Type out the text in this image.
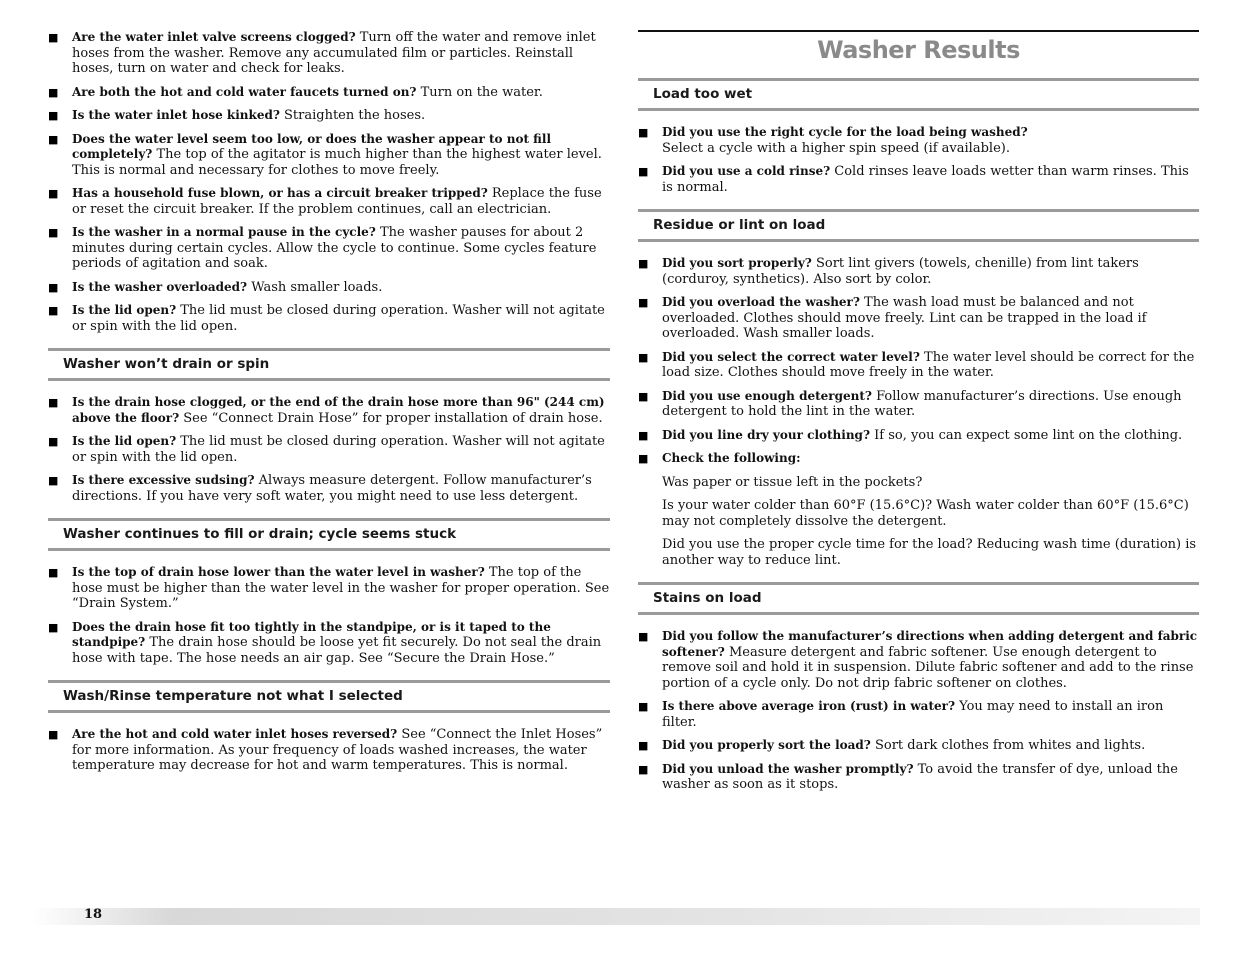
■	Are the water inlet valve screens clogged? Turn off the water and remove inlet hoses from the washer. Remove any accumulated film or particles. Reinstall hoses, turn on water and check for leaks.
■	Are both the hot and cold water faucets turned on? Turn on the water.
■	Is the water inlet hose kinked? Straighten the hoses.
■	Does the water level seem too low, or does the washer appear to not fill completely? The top of the agitator is much higher than the highest water level. This is normal and necessary for clothes to move freely.
■	Has a household fuse blown, or has a circuit breaker tripped? Replace the fuse or reset the circuit breaker. If the problem continues, call an electrician.
■	Is the washer in a normal pause in the cycle? The washer pauses for about 2 minutes during certain cycles. Allow the cycle to continue. Some cycles feature periods of agitation and soak.
■	Is the washer overloaded? Wash smaller loads.
■	Is the lid open? The lid must be closed during operation. Washer will not agitate or spin with the lid open.
Washer won’t drain or spin
■	Is the drain hose clogged, or the end of the drain hose more than 96" (244 cm) above the floor? See “Connect Drain Hose” for proper installation of drain hose.
■	Is the lid open? The lid must be closed during operation. Washer will not agitate or spin with the lid open.
■	Is there excessive sudsing? Always measure detergent. Follow manufacturer’s directions. If you have very soft water, you might need to use less detergent.
Washer continues to fill or drain; cycle seems stuck
■	Is the top of drain hose lower than the water level in washer? The top of the hose must be higher than the water level in the washer for proper operation. See “Drain System.”
■	Does the drain hose fit too tightly in the standpipe, or is it taped to the standpipe? The drain hose should be loose yet fit securely. Do not seal the drain hose with tape. The hose needs an air gap. See “Secure the Drain Hose.”
Wash/Rinse temperature not what I selected
■	Are the hot and cold water inlet hoses reversed? See “Connect the Inlet Hoses” for more information. As your frequency of loads washed increases, the water temperature may decrease for hot and warm temperatures. This is normal.
Washer Results
Load too wet
■	Did you use the right cycle for the load being washed?
Select a cycle with a higher spin speed (if available).
■	Did you use a cold rinse? Cold rinses leave loads wetter than warm rinses. This is normal.
Residue or lint on load
■	Did you sort properly? Sort lint givers (towels, chenille) from lint takers (corduroy, synthetics). Also sort by color.
■	Did you overload the washer? The wash load must be balanced and not overloaded. Clothes should move freely. Lint can be trapped in the load if overloaded. Wash smaller loads.
■	Did you select the correct water level? The water level should be correct for the load size. Clothes should move freely in the water.
■	Did you use enough detergent? Follow manufacturer’s directions. Use enough detergent to hold the lint in the water.
■	Did you line dry your clothing? If so, you can expect some lint on the clothing.
■	Check the following:
Was paper or tissue left in the pockets?
Is your water colder than 60°F (15.6°C)? Wash water colder than 60°F (15.6°C) may not completely dissolve the detergent.
Did you use the proper cycle time for the load? Reducing wash time (duration) is another way to reduce lint.
Stains on load
■	Did you follow the manufacturer’s directions when adding detergent and fabric softener? Measure detergent and fabric softener. Use enough detergent to remove soil and hold it in suspension. Dilute fabric softener and add to the rinse portion of a cycle only. Do not drip fabric softener on clothes.
■	Is there above average iron (rust) in water? You may need to install an iron filter.
■	Did you properly sort the load? Sort dark clothes from whites and lights.
■	Did you unload the washer promptly? To avoid the transfer of dye, unload the washer as soon as it stops.
18
